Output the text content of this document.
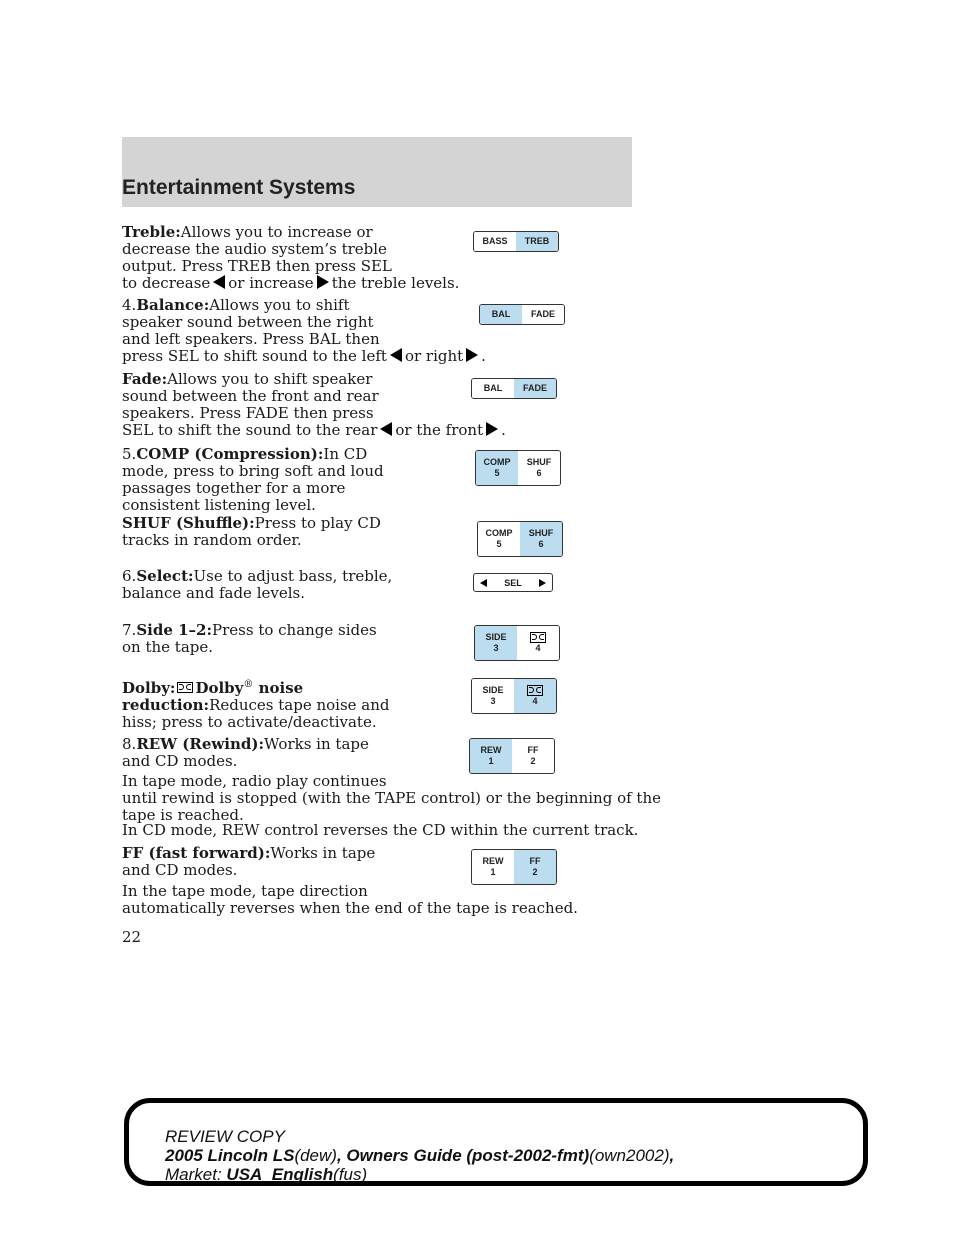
Entertainment Systems
Treble:Allows you to increase or
decrease the audio system’s treble
output. Press TREB then press SEL
to decrease or increase the treble levels.
BASS	TREB
4.Balance:Allows you to shift
speaker sound between the right
and left speakers. Press BAL then
press SEL to shift sound to the left or right .
BAL	FADE
Fade:Allows you to shift speaker
sound between the front and rear
speakers. Press FADE then press
SEL to shift the sound to the rear or the front .
BAL	FADE
5.COMP (Compression):In CD
mode, press to bring soft and loud
passages together for a more
consistent listening level.
COMP
5
SHUF
6
SHUF (Shuffle):Press to play CD
tracks in random order.	COMP
5
SHUF
6
6.Select:Use to adjust bass, treble,
balance and fade levels.
SEL
7.Side 1–2:Press to change sides
on the tape.
SIDE
3	4
Dolby: Dolby® noise
reduction:Reduces tape noise and
hiss; press to activate/deactivate.
SIDE
3	4
8.REW (Rewind):Works in tape
and CD modes.
REW
1
FF
2
In tape mode, radio play continues
until rewind is stopped (with the TAPE control) or the beginning of the
tape is reached.
In CD mode, REW control reverses the CD within the current track.
FF (fast forward):Works in tape
and CD modes.	REW
1
FF
2
In the tape mode, tape direction
automatically reverses when the end of the tape is reached.
22
REVIEW COPY
2005 Lincoln LS(dew), Owners Guide (post-2002-fmt)(own2002),
Market: USA_English(fus)
